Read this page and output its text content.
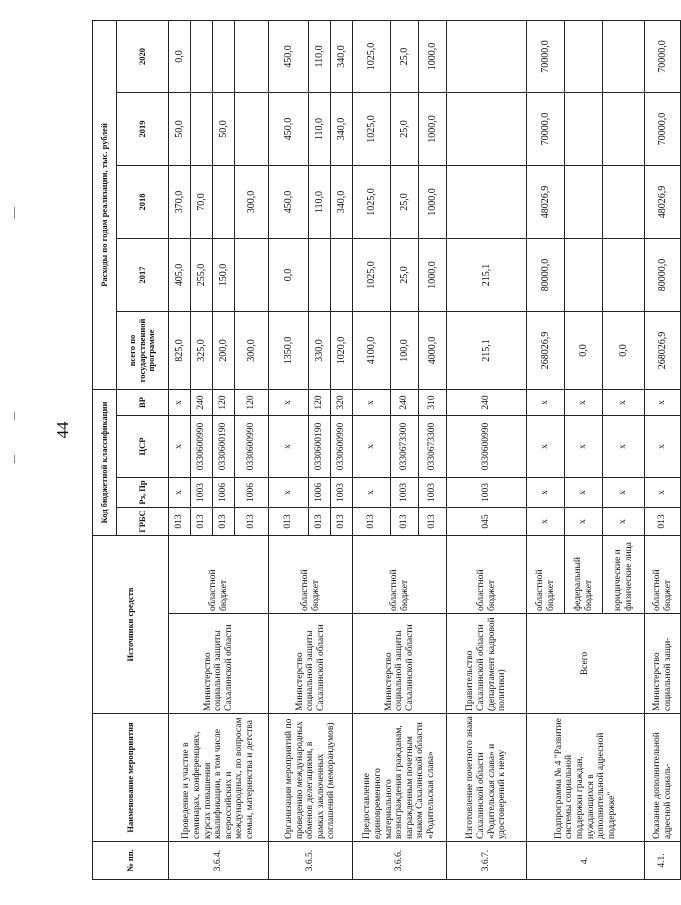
44
№ пп.	Наименование мероприятия	Источники средств		Код бюджетной классификации				Расходы по годам реализации, тыс. рублей				
				ГРБС	Рз, Пр	ЦСР	ВР	всего по государственной программе	2017	2018	2019	2020
3.6.4.	Проведение и участие в семинарах, конференциях, курсах повышения квалификации, в том числе всероссийских и международных, по вопросам семьи, материнства и детства	Министерство социальной защиты Сахалинской области	областной бюджет	013	х	х	х	825,0	405,0	370,0	50,0	0,0
				013	1003	0330600990	240	325,0	255,0	70,0		
				013	1006	0330600190	120	200,0	150,0		50,0	
				013	1006	0330600990	120	300,0		300,0		
3.6.5.	Организация мероприятий по проведению международных обменов делегациями, в рамках заключенных соглашений (меморандумов)	Министерство социальной защиты Сахалинской области	областной бюджет	013	х	х	х	1350,0	0,0	450,0	450,0	450,0
				013	1006	0330600190	120	330,0		110,0	110,0	110,0
				013	1003	0330600990	320	1020,0		340,0	340,0	340,0
3.6.6.	Предоставление единовременного материального вознаграждения гражданам, награжденным почетным знаком Сахалинской области «Родительская слава»	Министерство социальной защиты Сахалинской области	областной бюджет	013	х	х	х	4100,0	1025,0	1025,0	1025,0	1025,0
				013	1003	0330673300	240	100,0	25,0	25,0	25,0	25,0
				013	1003	0330673300	310	4000,0	1000,0	1000,0	1000,0	1000,0
3.6.7.	Изготовление почетного знака Сахалинской области «Родительская слава» и удостоверений к нему	Правительство Сахалинской области (департамент кадровой политики)	областной бюджет	045	1003	0330600990	240	215,1	215,1			
4.	Подпрограмма № 4 "Развитие системы социальной поддержки граждан, нуждающихся в дополнительной адресной поддержке"	Всего	областной бюджет	х	х	х	х	268026,9	80000,0	48026,9	70000,0	70000,0
			федеральный бюджет	х	х	х	х	0,0				
			юридические и физические лица	х	х	х	х	0,0				
4.1.	Оказание дополнительной адресной социаль-	Министерство социальной защи-	областной бюджет	013	х	х	х	268026,9	80000,0	48026,9	70000,0	70000,0
